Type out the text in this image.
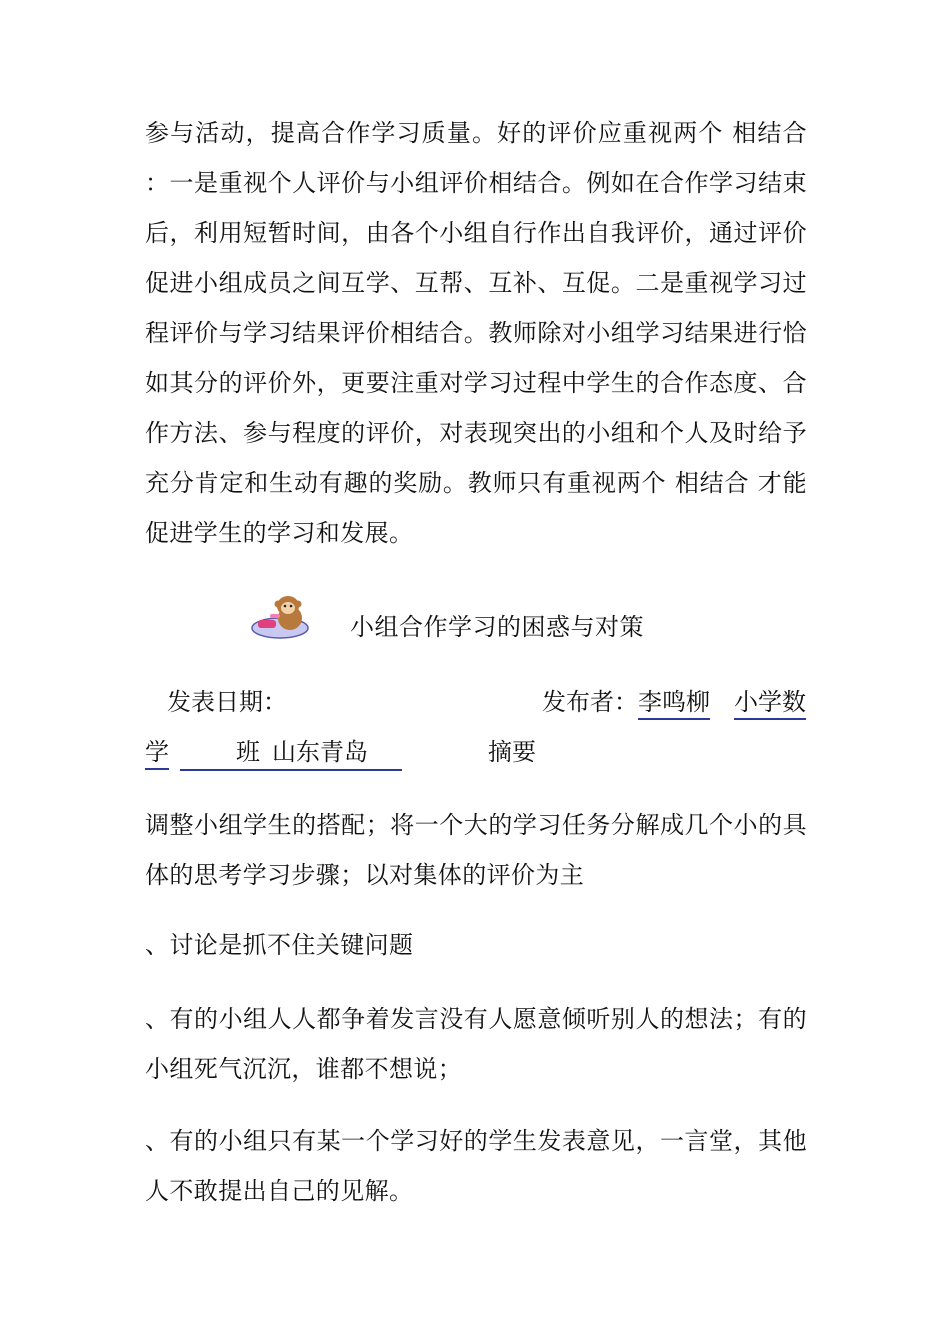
参与活动，提高合作学习质量。好的评价应重视两个 相结合 ：一是重视个人评价与小组评价相结合。例如在合作学习结束后，利用短暂时间，由各个小组自行作出自我评价，通过评价促进小组成员之间互学、互帮、互补、互促。二是重视学习过程评价与学习结果评价相结合。教师除对小组学习结果进行恰如其分的评价外，更要注重对学习过程中学生的合作态度、合作方法、参与程度的评价，对表现突出的小组和个人及时给予充分肯定和生动有趣的奖励。教师只有重视两个 相结合 才能促进学生的学习和发展。

小组合作学习的困惑与对策
发表日期：	发布者： 李鸣柳 小学数
学	班 山东青岛	摘要

调整小组学生的搭配；将一个大的学习任务分解成几个小的具体的思考学习步骤；以对集体的评价为主

、讨论是抓不住关键问题

、有的小组人人都争着发言没有人愿意倾听别人的想法；有的小组死气沉沉，谁都不想说；

、有的小组只有某一个学习好的学生发表意见，一言堂，其他人不敢提出自己的见解。
